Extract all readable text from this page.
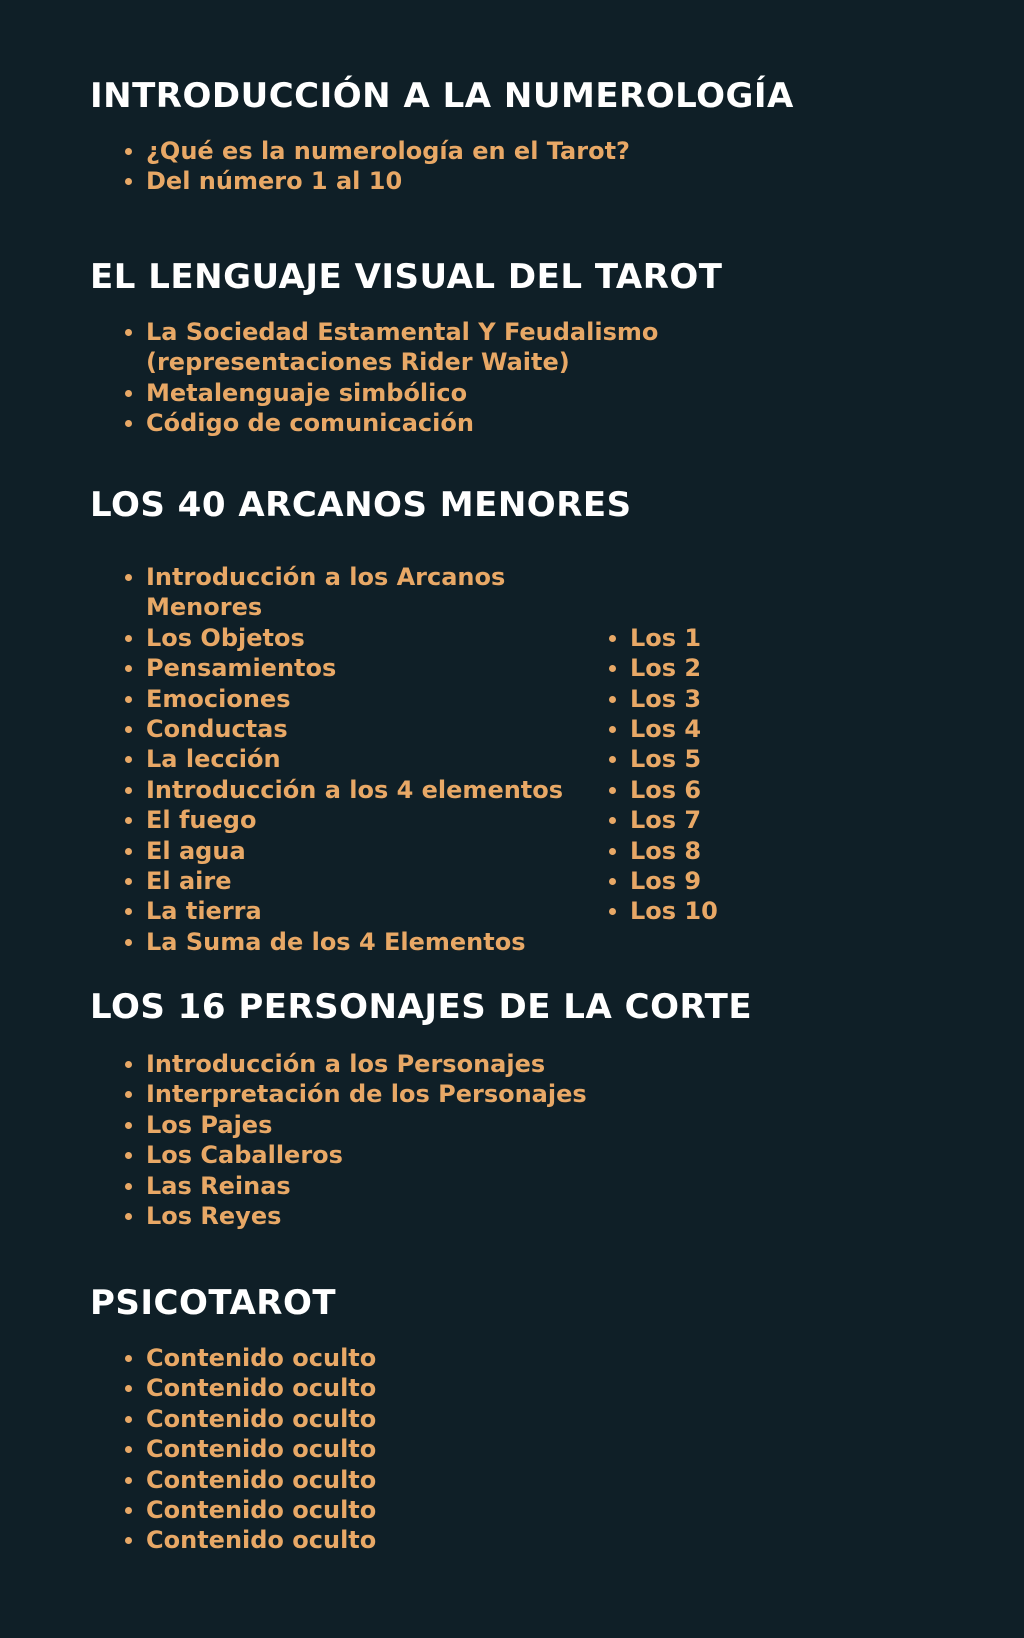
INTRODUCCIÓN A LA NUMEROLOGÍA
¿Qué es la numerología en el Tarot?
Del número 1 al 10
EL LENGUAJE VISUAL DEL TAROT
La Sociedad Estamental Y Feudalismo
(representaciones Rider Waite)
Metalenguaje simbólico
Código de comunicación
LOS 40 ARCANOS MENORES
Introducción a los Arcanos Menores
Los Objetos
Pensamientos
Emociones
Conductas
La lección
Introducción a los 4 elementos
El fuego
El agua
El aire
La tierra
La Suma de los 4 Elementos
Los 1
Los 2
Los 3
Los 4
Los 5
Los 6
Los 7
Los 8
Los 9
Los 10
LOS 16 PERSONAJES DE LA CORTE
Introducción a los Personajes
Interpretación de los Personajes
Los Pajes
Los Caballeros
Las Reinas
Los Reyes
PSICOTAROT
Contenido oculto
Contenido oculto
Contenido oculto
Contenido oculto
Contenido oculto
Contenido oculto
Contenido oculto
